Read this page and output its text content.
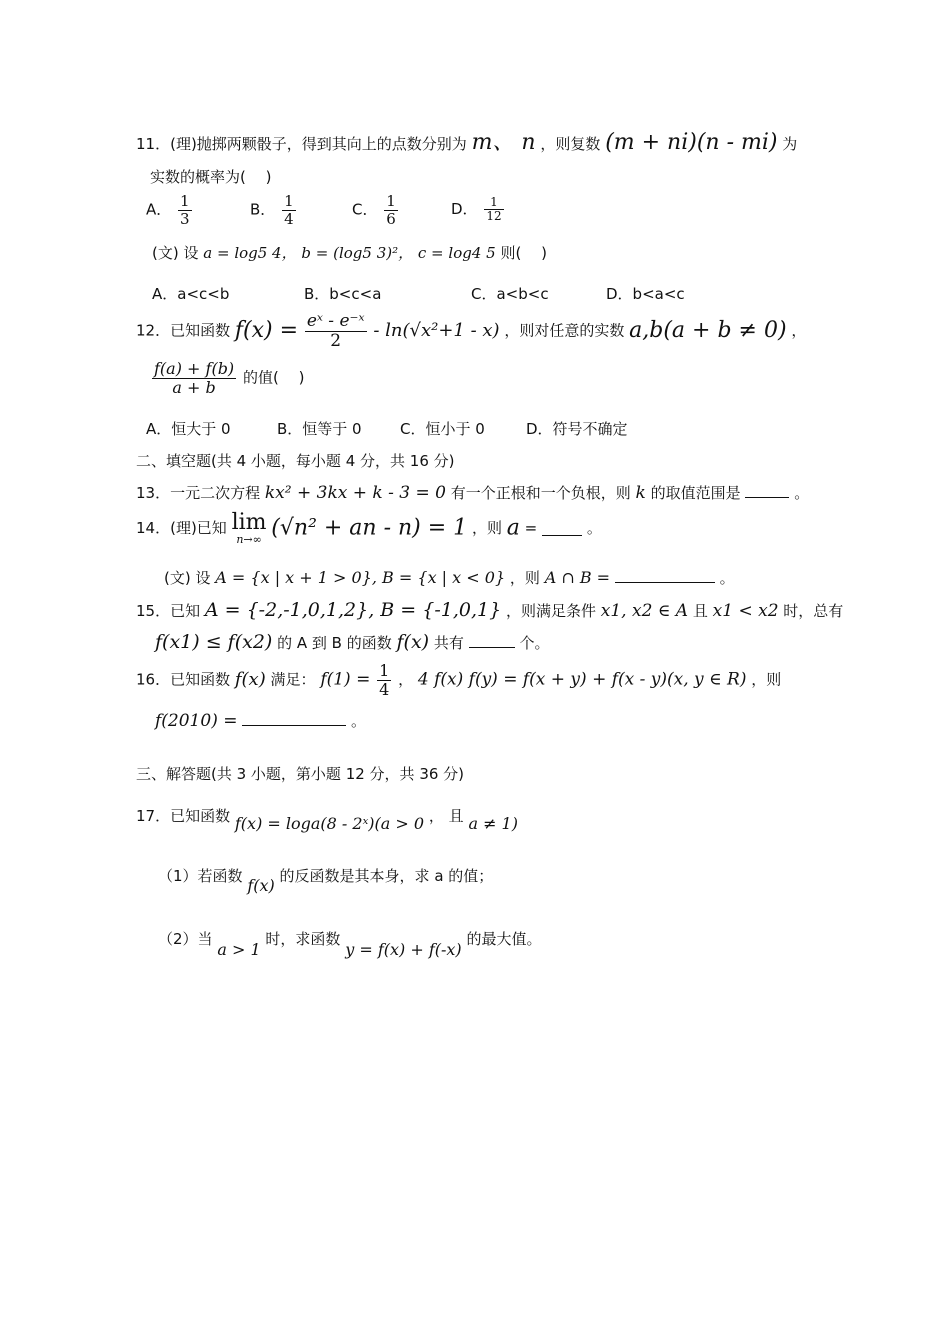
11．(理)抛掷两颗骰子，得到其向上的点数分别为 m、 n ，则复数 (m + ni)(n - mi) 为
实数的概率为(　 )
A． $\frac{1}{3}$	B． $\frac{1}{4}$	C． $\frac{1}{6}$	D． $\frac{1}{12}$
(文) 设 a = log5 4， b = (log5 3)²， c = log4 5 则(　 )
A．a<c<b	B．b<c<a	C．a<b<c	D．b<a<c
12．已知函数 $f(x) = \frac{\text{eˣ - e⁻ˣ}}{2} - \ln(√x^2+1 - x)$ ，则对任意的实数 a,b(a + b ≠ 0) ，
$\frac{f(a) + f(b)}{a + b}$ 的值(　 )
A．恒大于 0	B．恒等于 0	C．恒小于 0	D．符号不确定
二、填空题(共 4 小题，每小题 4 分，共 16 分)
13．一元二次方程 kx² + 3kx + k - 3 = 0 有一个正根和一个负根，则 k 的取值范围是	。
14．(理)已知 lim
n→∞ (√n² + an - n) = 1 ，则 a =	。
(文) 设 A = {x | x + 1 > 0}, B = {x | x < 0} ，则 A ∩ B =	。
15．已知 A = {-2,-1,0,1,2}, B = {-1,0,1} ，则满足条件 x1, x2 ∈ A 且 x1 < x2 时，总有
f(x1) ≤ f(x2) 的 A 到 B 的函数 f(x) 共有	个。
16．已知函数 f(x) 满足： $f(1) = \frac{1}{4}$ ， 4 f(x) f(y) = f(x + y) + f(x - y)(x, y ∈ R) ，则
f(2010) =	。
三、解答题(共 3 小题，第小题 12 分，共 36 分)
17．已知函数 f(x) = loga(8 - 2ˣ)(a > 0 ， 且 a ≠ 1)
（1）若函数 f(x) 的反函数是其本身，求 a 的值；
（2）当 a > 1 时，求函数 y = f(x) + f(-x) 的最大值。
